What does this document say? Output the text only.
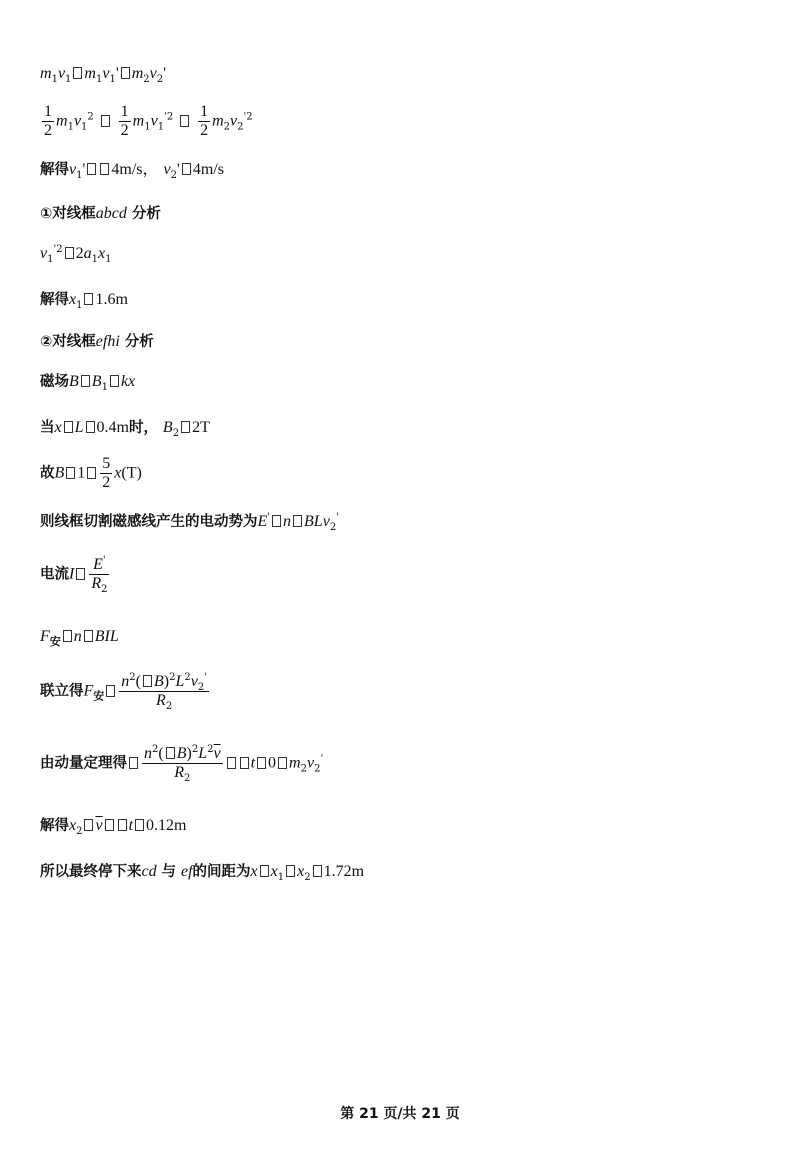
$m_1v_1$ $m_1v_1'$ $m_2v_2'$
$\frac{1}{2} m_1v_1^2 \frac{1}{2} m_1v_1^{'2} \frac{1}{2} m_2v_2^{'2}$
解得$v_1'$ 4m/s， $v_2'$ 4m/s
①对线框abcd 分析
$v_1^{'2}$ $2a_1x_1$
解得$x_1$ 1.6m
②对线框efhi 分析
磁场B $B_1$ kx
当x L 0.4m时， $B_2$ 2T
故B $1 \frac{5}{2} x(T)$
则线框切割磁感线产生的电动势为E' n BLv$_2$'
电流I $\frac{E'}{R_2}$
$F_安$ n BIL
联立得$F_安 \frac{n^2( B)^2L^2v_2'}{R_2}$
由动量定理得 $\frac{n^2( B)^2L^2\overline{v}}{R_2}$ t 0 $m_2v_2'$
解得$x_2$ $\overline{v}$ t 0.12m
所以最终停下来cd 与 ef的间距为x $x_1$ $x_2$ 1.72m
第 21 页/共 21 页
